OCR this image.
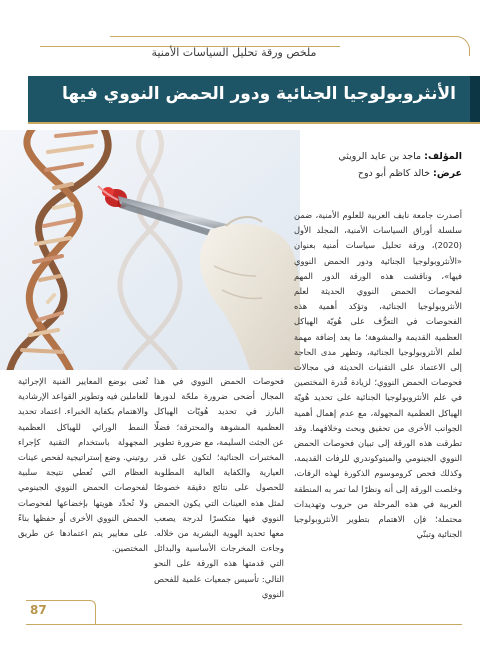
ملخص ورقة تحليل السياسات الأمنية
الأنثروبولوجيا الجنائية ودور الحمض النووي فيها
المؤلف: ماجد بن عايد الرويثي
عرض: خالد كاظم أبو دوح

أصدرت جامعة نايف العربية للعلوم الأمنية، ضمن سلسلة أوراق السياسات الأمنية، المجلد الأول (2020)، ورقة تحليل سياسات أمنية بعنوان «الأنثروبولوجيا الجنائية ودور الحمض النووي فيها»، وناقشت هذه الورقة الدور المهم لفحوصات الحمض النووي الحديثة لعلم الأنثروبولوجيا الجنائية، وتؤكد أهمية هذه الفحوصات في التعرُّف على هُويّة الهياكل العظمية القديمة والمشوهة؛ ما يعد إضافة مهمة لعلم الأنثروبولوجيا الجنائية، وتظهر مدى الحاجة إلى الاعتماد على التقنيات الحديثة في مجالات فحوصات الحمض النووي؛ لزيادة قُدرة المختصين في علم الأنثروبولوجيا الجنائية على تحديد هُويّة الهياكل العظمية المجهولة، مع عدم إهمال أهمية الجوانب الأخرى من تحقيق وبحث وخلافهما. وقد تطرقت هذه الورقة إلى تبيان فحوصات الحمض النووي الجينومي والميتوكوندري للرفات القديمة، وكذلك فحص كروموسوم الذكورة لهذه الرفات، وخلصت الورقة إلى أنه ونظرًا لما تمر به المنطقة العربية في هذه المرحلة من حروب وتهديدات محتملة؛ فإن الاهتمام بتطوير الأنثروبولوجيا الجنائية وتبنّي

فحوصات الحمض النووي في هذا المجال أضحى ضرورة ملحّة لدورها البارز في تحديد هُويّات الهياكل العظمية المشوهة والمحترقة؛ فضلًا عن الجثث السليمة، مع ضرورة تطوير المختبرات الجنائية؛ لتكون على قدر العيارية والكفاية العالية المطلوبة للحصول على نتائج دقيقة خصوصًا لمثل هذه العينات التي يكون الحمض النووي فيها متكسرًا لدرجة يصعب معها تحديد الهوية البشرية من خلاله. وجاءت المخرجات الأساسية والبدائل التي قدمتها هذه الورقة على النحو التالي: تأسيس جمعيات علمية للفحص النووي

تُعنى بوضع المعايير الفنية الإجرائية للعاملين فيه وتطوير القواعد الإرشادية والاهتمام بكفاية الخبراء. اعتماد تحديد النمط الوراثي للهياكل العظمية المجهولة باستخدام التقنية كإجراء روتيني. وضع إستراتيجية لفحص عينات العظام التي تُعطي نتيجة سلبية لفحوصات الحمض النووي الجينومي ولا تُحدِّد هويتها بإخضاعها لفحوصات الحمض النووي الأخرى أو حفظها بناءً على معايير يتم اعتمادها عن طريق المختصين.

87
